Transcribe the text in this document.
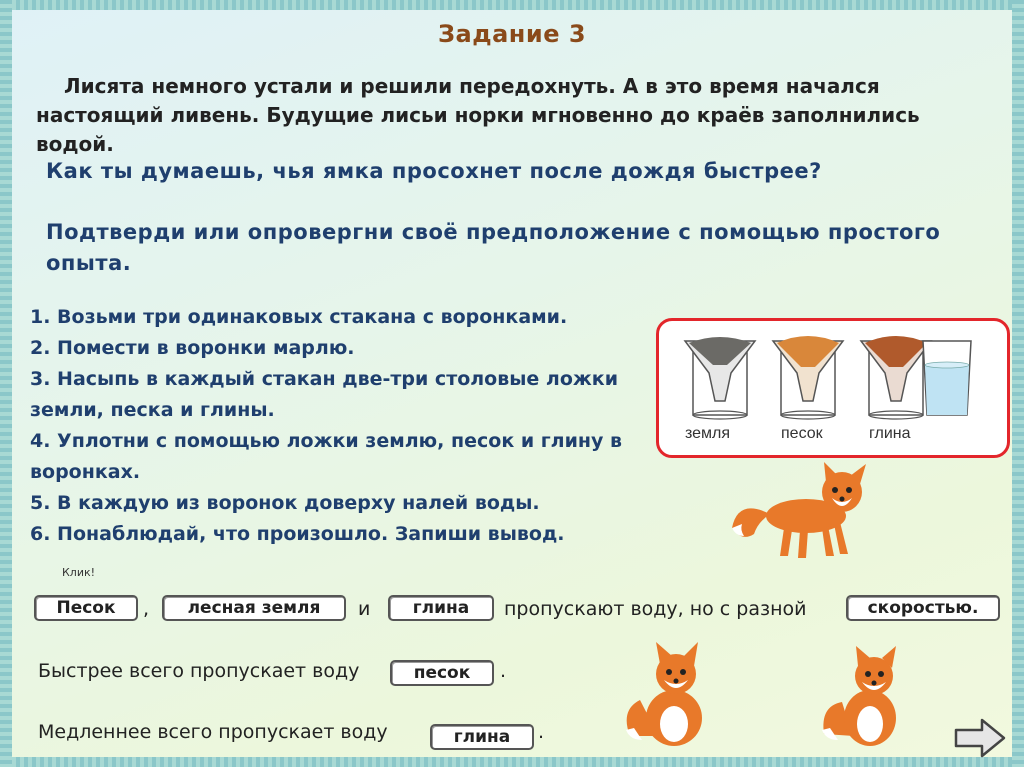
Задание 3
Лисята немного устали и решили передохнуть. А в это время начался настоящий ливень. Будущие лисьи норки мгновенно до краёв заполнились водой.
Как ты думаешь, чья ямка просохнет после дождя быстрее?
Подтверди или опровергни своё предположение с помощью простого опыта.

1. Возьми три одинаковых стакана с воронками.

2. Помести в воронки марлю.

3. Насыпь в каждый стакан две-три столовые ложки земли, песка и глины.

4. Уплотни с помощью ложки землю, песок и глину в воронках.

5. В каждую из воронок доверху налей воды.

6. Понаблюдай, что произошло. Запиши вывод.

земля	песок	глина
Клик!
Песок	,	лесная земля	и	глина	пропускают воду, но с разной	скоростью.
Быстрее всего пропускает воду	песок	.
Медленнее всего пропускает воду	глина	.
